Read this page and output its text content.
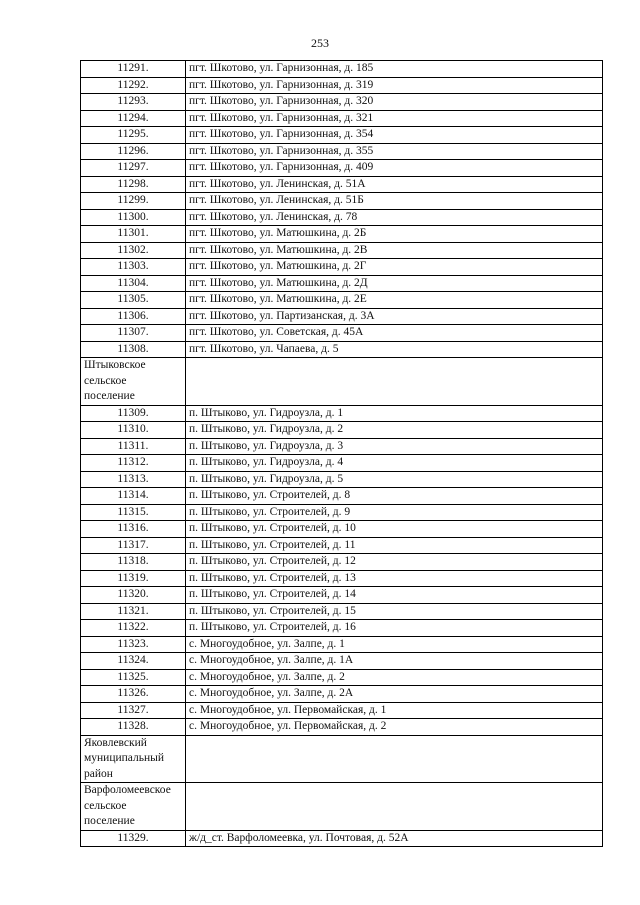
253
11291.	пгт. Шкотово, ул. Гарнизонная, д. 185
11292.	пгт. Шкотово, ул. Гарнизонная, д. 319
11293.	пгт. Шкотово, ул. Гарнизонная, д. 320
11294.	пгт. Шкотово, ул. Гарнизонная, д. 321
11295.	пгт. Шкотово, ул. Гарнизонная, д. 354
11296.	пгт. Шкотово, ул. Гарнизонная, д. 355
11297.	пгт. Шкотово, ул. Гарнизонная, д. 409
11298.	пгт. Шкотово, ул. Ленинская, д. 51А
11299.	пгт. Шкотово, ул. Ленинская, д. 51Б
11300.	пгт. Шкотово, ул. Ленинская, д. 78
11301.	пгт. Шкотово, ул. Матюшкина, д. 2Б
11302.	пгт. Шкотово, ул. Матюшкина, д. 2В
11303.	пгт. Шкотово, ул. Матюшкина, д. 2Г
11304.	пгт. Шкотово, ул. Матюшкина, д. 2Д
11305.	пгт. Шкотово, ул. Матюшкина, д. 2Е
11306.	пгт. Шкотово, ул. Партизанская, д. 3А
11307.	пгт. Шкотово, ул. Советская, д. 45А
11308.	пгт. Шкотово, ул. Чапаева, д. 5

Штыковское
сельское
поселение	

11309.	п. Штыково, ул. Гидроузла, д. 1
11310.	п. Штыково, ул. Гидроузла, д. 2
11311.	п. Штыково, ул. Гидроузла, д. 3
11312.	п. Штыково, ул. Гидроузла, д. 4
11313.	п. Штыково, ул. Гидроузла, д. 5
11314.	п. Штыково, ул. Строителей, д. 8
11315.	п. Штыково, ул. Строителей, д. 9
11316.	п. Штыково, ул. Строителей, д. 10
11317.	п. Штыково, ул. Строителей, д. 11
11318.	п. Штыково, ул. Строителей, д. 12
11319.	п. Штыково, ул. Строителей, д. 13
11320.	п. Штыково, ул. Строителей, д. 14
11321.	п. Штыково, ул. Строителей, д. 15
11322.	п. Штыково, ул. Строителей, д. 16
11323.	с. Многоудобное, ул. Залпе, д. 1
11324.	с. Многоудобное, ул. Залпе, д. 1А
11325.	с. Многоудобное, ул. Залпе, д. 2
11326.	с. Многоудобное, ул. Залпе, д. 2А
11327.	с. Многоудобное, ул. Первомайская, д. 1
11328.	с. Многоудобное, ул. Первомайская, д. 2

Яковлевский
муниципальный
район	

Варфоломеевское
сельское
поселение	

11329.	ж/д_ст. Варфоломеевка, ул. Почтовая, д. 52А
